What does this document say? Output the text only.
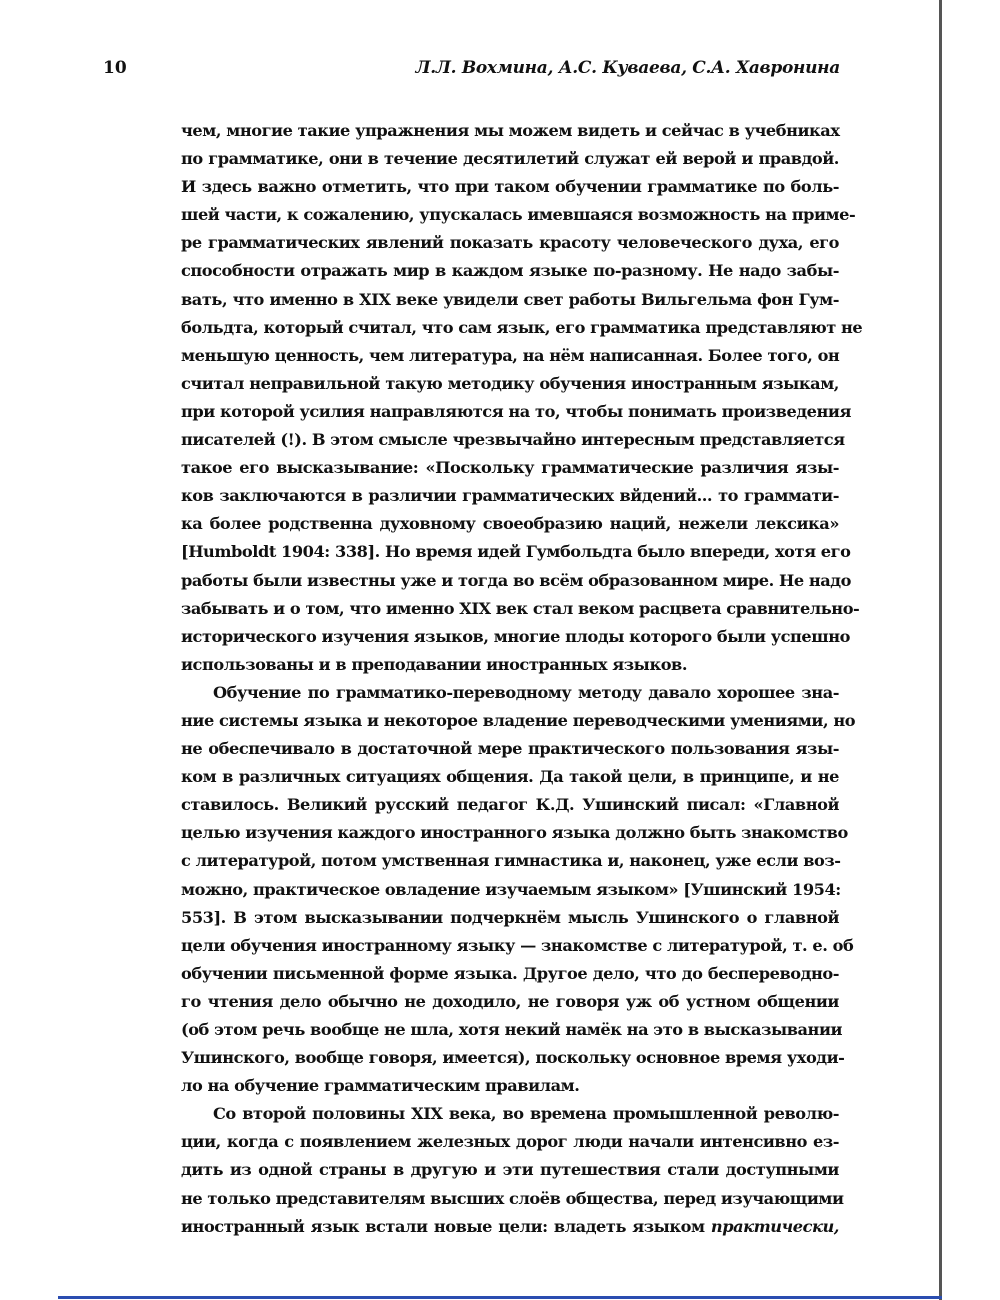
10	Л.Л. Вохмина, А.С. Куваева, С.А. Хавронина
чем, многие такие упражнения мы можем видеть и сейчас в учебниках
по грамматике, они в течение десятилетий служат ей верой и правдой.
И здесь важно отметить, что при таком обучении грамматике по боль-
шей части, к сожалению, упускалась имевшаяся возможность на приме-
ре грамматических явлений показать красоту человеческого духа, его
способности отражать мир в каждом языке по-разному. Не надо забы-
вать, что именно в XIX веке увидели свет работы Вильгельма фон Гум-
больдта, который считал, что сам язык, его грамматика представляют не
меньшую ценность, чем литература, на нём написанная. Более того, он
считал неправильной такую методику обучения иностранным языкам,
при которой усилия направляются на то, чтобы понимать произведения
писателей (!). В этом смысле чрезвычайно интересным представляется
такое его высказывание: «Поскольку грамматические различия язы-
ков заключаются в различии грамматических вйдений... то граммати-
ка более родственна духовному своеобразию наций, нежели лексика»
[Humboldt 1904: 338]. Но время идей Гумбольдта было впереди, хотя его
работы были известны уже и тогда во всём образованном мире. Не надо
забывать и о том, что именно XIX век стал веком расцвета сравнительно-
исторического изучения языков, многие плоды которого были успешно
использованы и в преподавании иностранных языков.
Обучение по грамматико-переводному методу давало хорошее зна-
ние системы языка и некоторое владение переводческими умениями, но
не обеспечивало в достаточной мере практического пользования язы-
ком в различных ситуациях общения. Да такой цели, в принципе, и не
ставилось. Великий русский педагог К.Д. Ушинский писал: «Главной
целью изучения каждого иностранного языка должно быть знакомство
с литературой, потом умственная гимнастика и, наконец, уже если воз-
можно, практическое овладение изучаемым языком» [Ушинский 1954:
553]. В этом высказывании подчеркнём мысль Ушинского о главной
цели обучения иностранному языку — знакомстве с литературой, т. е. об
обучении письменной форме языка. Другое дело, что до беспереводно-
го чтения дело обычно не доходило, не говоря уж об устном общении
(об этом речь вообще не шла, хотя некий намёк на это в высказывании
Ушинского, вообще говоря, имеется), поскольку основное время уходи-
ло на обучение грамматическим правилам.
Со второй половины XIX века, во времена промышленной револю-
ции, когда с появлением железных дорог люди начали интенсивно ез-
дить из одной страны в другую и эти путешествия стали доступными
не только представителям высших слоёв общества, перед изучающими
иностранный язык встали новые цели: владеть языком практически,
